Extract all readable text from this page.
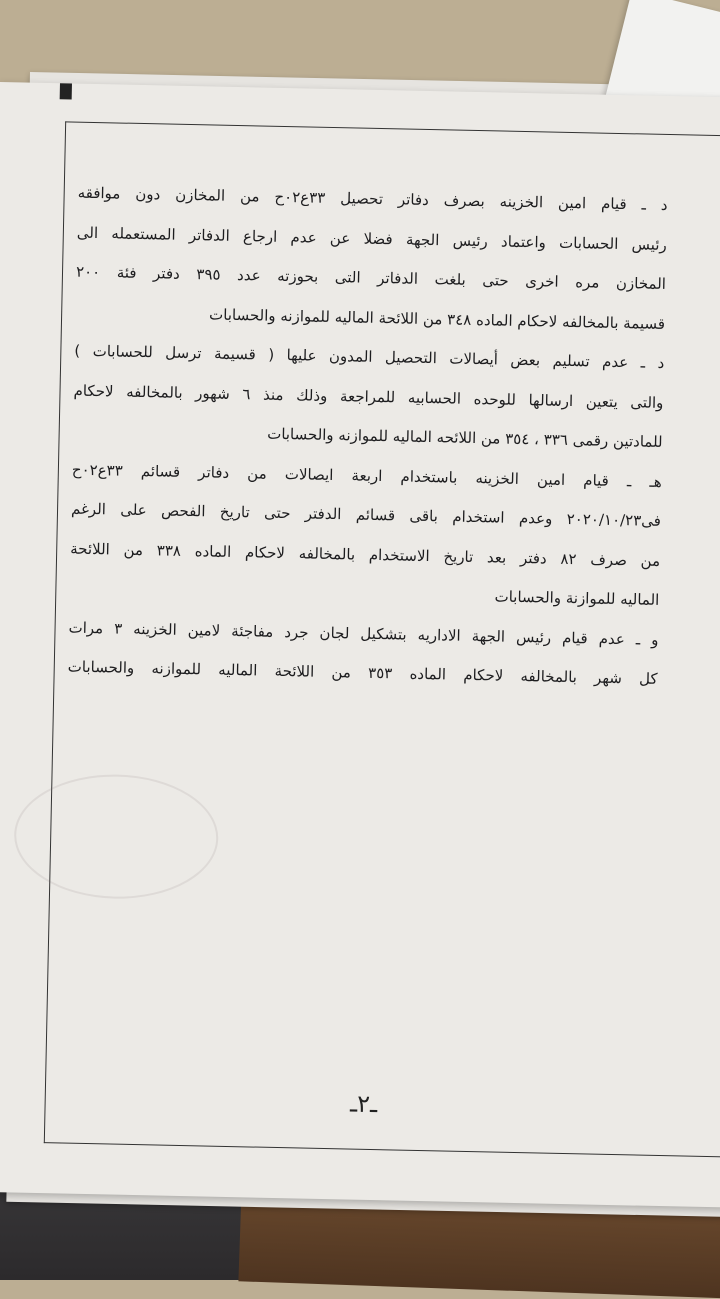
د ـ قيام امين الخزينه بصرف دفاتر تحصيل ٣٣ع٠٢ح من المخازن دون موافقه

رئيس الحسابات واعتماد رئيس الجهة فضلا عن عدم ارجاع الدفاتر المستعمله الى

المخازن مره اخرى حتى بلغت الدفاتر التى بحوزته عدد ٣٩٥ دفتر فئة ٢٠٠

قسيمة بالمخالفه لاحكام الماده ٣٤٨ من اللائحة الماليه للموازنه والحسابات

د ـ عدم تسليم بعض أيصالات التحصيل المدون عليها ( قسيمة ترسل للحسابات )

والتى يتعين ارسالها للوحده الحسابيه للمراجعة وذلك منذ ٦ شهور بالمخالفه لاحكام

للمادتين رقمى ٣٣٦ ، ٣٥٤ من اللائحه الماليه للموازنه والحسابات

هـ ـ قيام امين الخزينه باستخدام اربعة ايصالات من دفاتر قسائم ٣٣ع٠٢ح

فى٢٠٢٠/١٠/٢٣ وعدم استخدام باقى قسائم الدفتر حتى تاريخ الفحص على الرغم

من صرف ٨٢ دفتر بعد تاريخ الاستخدام بالمخالفه لاحكام الماده ٣٣٨ من اللائحة

الماليه للموازنة والحسابات

و ـ عدم قيام رئيس الجهة الاداريه بتشكيل لجان جرد مفاجئة لامين الخزينه ٣ مرات

كل شهر بالمخالفه لاحكام الماده ٣٥٣ من اللائحة الماليه للموازنه والحسابات

ـ٢ـ
